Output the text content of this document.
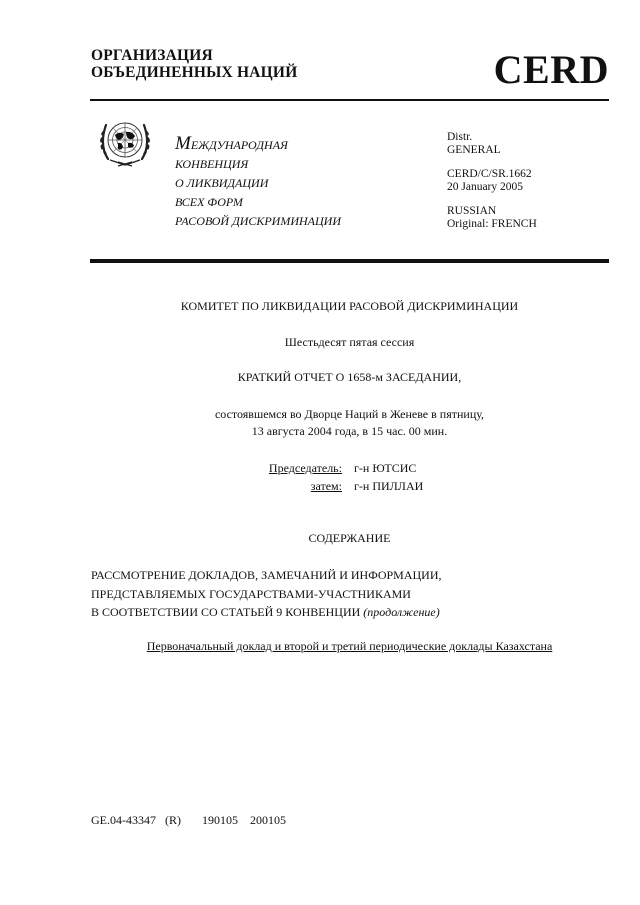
ОРГАНИЗАЦИЯ
ОБЪЕДИНЕННЫХ НАЦИЙ	CERD
МЕЖДУНАРОДНАЯ
КОНВЕНЦИЯ
О ЛИКВИДАЦИИ
ВСЕХ ФОРМ
РАСОВОЙ ДИСКРИМИНАЦИИ
Distr.
GENERAL
CERD/C/SR.1662
20 January 2005
RUSSIAN
Original: FRENCH
КОМИТЕТ ПО ЛИКВИДАЦИИ РАСОВОЙ ДИСКРИМИНАЦИИ
Шестьдесят пятая сессия
КРАТКИЙ ОТЧЕТ О 1658-м ЗАСЕДАНИИ,
состоявшемся во Дворце Наций в Женеве в пятницу,
13 августа 2004 года, в 15 час. 00 мин.
Председатель:	г-н ЮТСИС
затем:	г-н ПИЛЛАИ
СОДЕРЖАНИЕ
РАССМОТРЕНИЕ ДОКЛАДОВ, ЗАМЕЧАНИЙ И ИНФОРМАЦИИ,
ПРЕДСТАВЛЯЕМЫХ ГОСУДАРСТВАМИ-УЧАСТНИКАМИ
В СООТВЕТСТВИИ СО СТАТЬЕЙ 9 КОНВЕНЦИИ (продолжение)
Первоначальный доклад и второй и третий периодические доклады Казахстана
GE.04-43347 (R) 190105 200105
